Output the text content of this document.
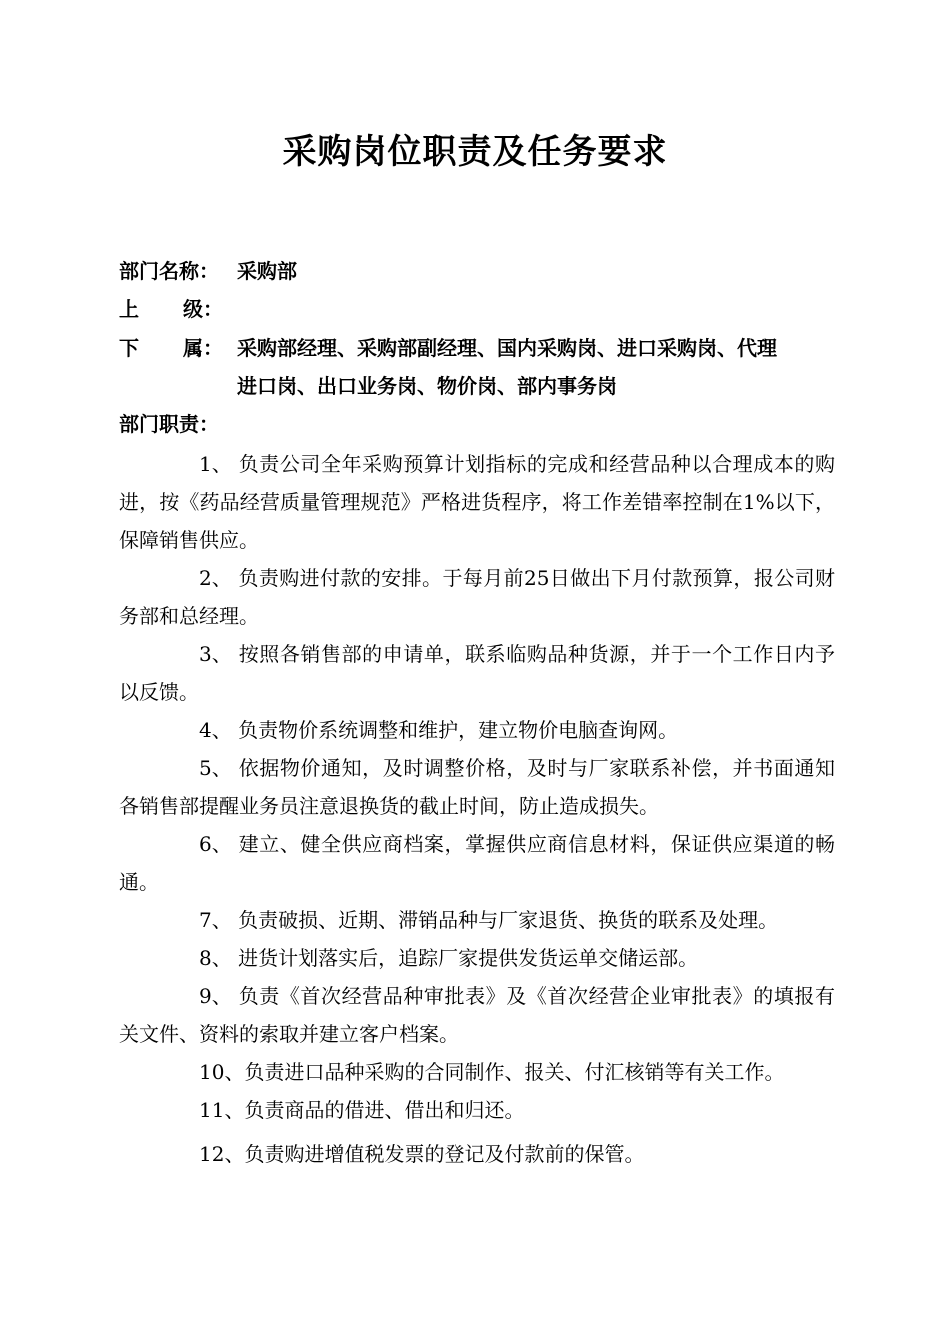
采购岗位职责及任务要求
部门名称： 采购部
上 级：
下 属： 采购部经理、采购部副经理、国内采购岗、进口采购岗、代理
进口岗、出口业务岗、物价岗、部内事务岗
部门职责：

1、 负责公司全年采购预算计划指标的完成和经营品种以合理成本的购进，按《药品经营质量管理规范》严格进货程序，将工作差错率控制在1%以下，保障销售供应。

2、 负责购进付款的安排。于每月前25日做出下月付款预算，报公司财务部和总经理。

3、 按照各销售部的申请单，联系临购品种货源，并于一个工作日内予以反馈。

4、 负责物价系统调整和维护，建立物价电脑查询网。

5、 依据物价通知，及时调整价格，及时与厂家联系补偿，并书面通知各销售部提醒业务员注意退换货的截止时间，防止造成损失。

6、 建立、健全供应商档案，掌握供应商信息材料，保证供应渠道的畅通。

7、 负责破损、近期、滞销品种与厂家退货、换货的联系及处理。

8、 进货计划落实后，追踪厂家提供发货运单交储运部。

9、 负责《首次经营品种审批表》及《首次经营企业审批表》的填报有关文件、资料的索取并建立客户档案。

10、负责进口品种采购的合同制作、报关、付汇核销等有关工作。

11、负责商品的借进、借出和归还。

12、负责购进增值税发票的登记及付款前的保管。
